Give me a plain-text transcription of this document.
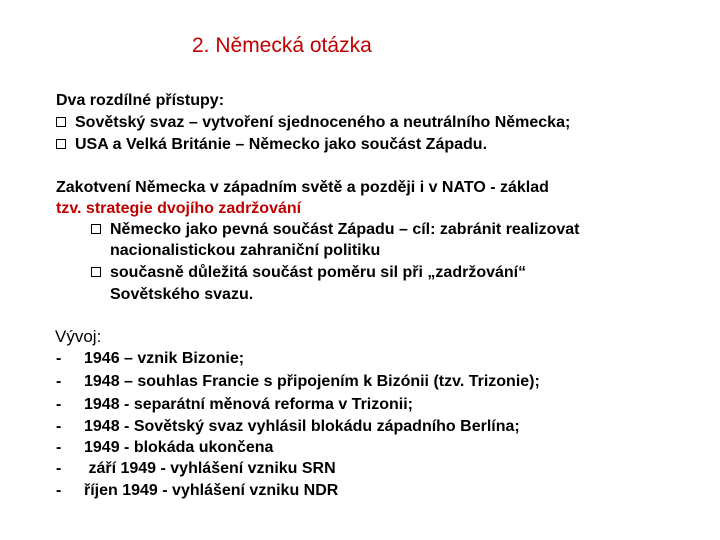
2. Německá otázka
Dva rozdílné přístupy:
Sovětský svaz – vytvoření sjednoceného a neutrálního Německa;
USA a Velká Británie – Německo jako součást Západu.
Zakotvení Německa v západním světě a později i v NATO - základ
tzv. strategie dvojího zadržování
Německo jako pevná součást Západu – cíl: zabránit realizovat
nacionalistickou zahraniční politiku
současně důležitá součást poměru sil při „zadržování“
Sovětského svazu.
Vývoj:
- 1946 – vznik Bizonie;
- 1948 – souhlas Francie s připojením k Bizónii (tzv. Trizonie);
- 1948 - separátní měnová reforma v Trizonii;
- 1948 - Sovětský svaz vyhlásil blokádu západního Berlína;
- 1949 - blokáda ukončena
- září 1949 - vyhlášení vzniku SRN
- říjen 1949 - vyhlášení vzniku NDR
